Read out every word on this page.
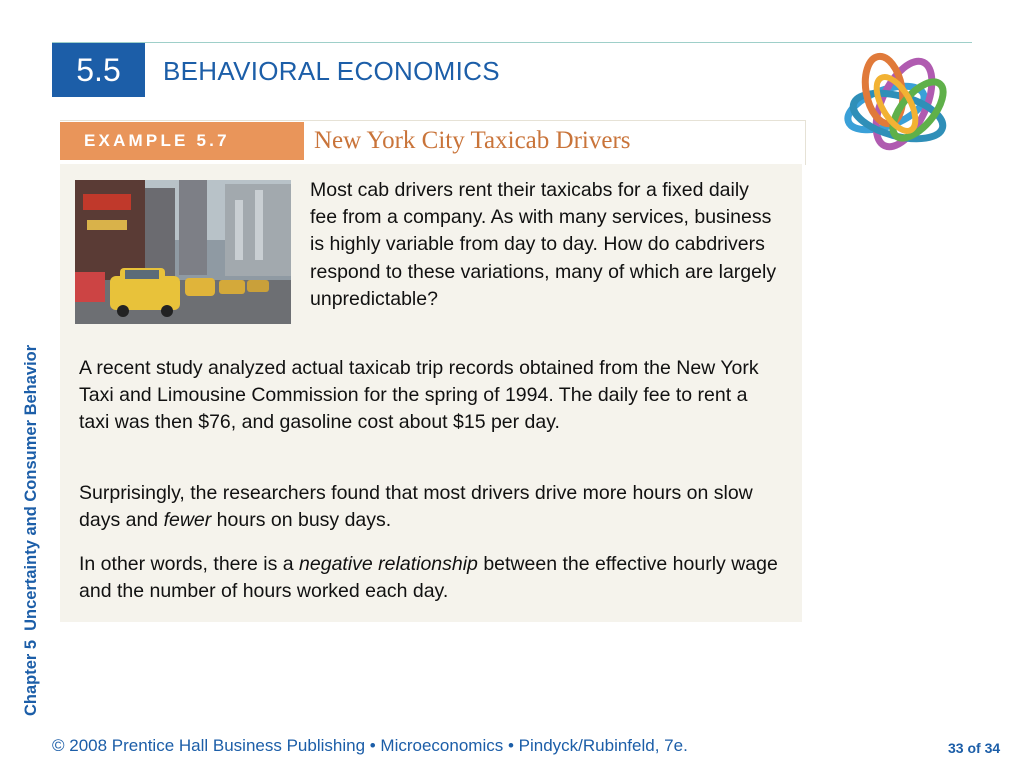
5.5 BEHAVIORAL ECONOMICS
Chapter 5Uncertainty and Consumer Behavior
EXAMPLE 5.7	New York City Taxicab Drivers
Most cab drivers rent their taxicabs for a fixed daily fee from a company. As with many services, business is highly variable from day to day. How do cabdrivers respond to these variations, many of which are largely unpredictable?
A recent study analyzed actual taxicab trip records obtained from the New York Taxi and Limousine Commission for the spring of 1994. The daily fee to rent a taxi was then $76, and gasoline cost about $15 per day.
Surprisingly, the researchers found that most drivers drive more hours on slow days and fewer hours on busy days.
In other words, there is a negative relationship between the effective hourly wage and the number of hours worked each day.
© 2008 Prentice Hall Business Publishing • Microeconomics • Pindyck/Rubinfeld, 7e.	33 of 34
